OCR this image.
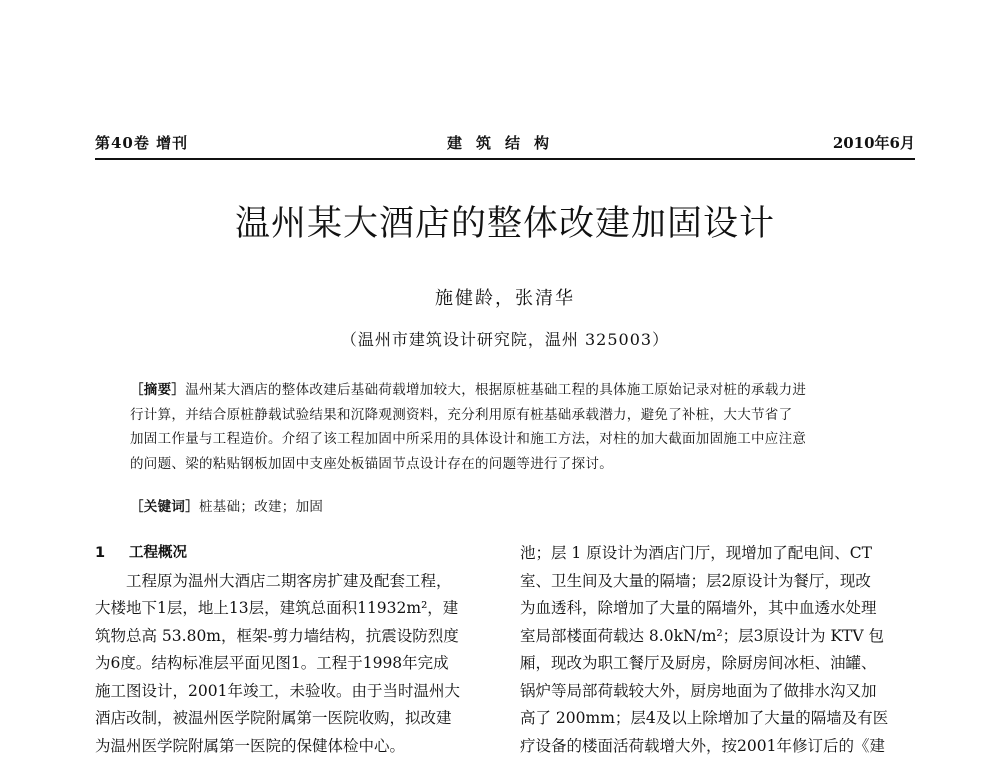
第40卷 增刊	建筑结构	2010年6月
温州某大酒店的整体改建加固设计
施健龄，张清华
（温州市建筑设计研究院，温州 325003）
［摘要］温州某大酒店的整体改建后基础荷载增加较大，根据原桩基础工程的具体施工原始记录对桩的承载力进
行计算，并结合原桩静载试验结果和沉降观测资料，充分利用原有桩基础承载潜力，避免了补桩，大大节省了
加固工作量与工程造价。介绍了该工程加固中所采用的具体设计和施工方法，对柱的加大截面加固施工中应注意
的问题、梁的粘贴钢板加固中支座处板锚固节点设计存在的问题等进行了探讨。
［关键词］桩基础；改建；加固
1 工程概况
工程原为温州大酒店二期客房扩建及配套工程，
大楼地下1层，地上13层，建筑总面积11932m²，建
筑物总高 53.80m，框架-剪力墙结构，抗震设防烈度
为6度。结构标准层平面见图1。工程于1998年完成
施工图设计，2001年竣工，未验收。由于当时温州大
酒店改制，被温州医学院附属第一医院收购，拟改建
为温州医学院附属第一医院的保健体检中心。
池；层 1 原设计为酒店门厅，现增加了配电间、CT
室、卫生间及大量的隔墙；层2原设计为餐厅，现改
为血透科，除增加了大量的隔墙外，其中血透水处理
室局部楼面荷载达 8.0kN/m²；层3原设计为 KTV 包
厢，现改为职工餐厅及厨房，除厨房间冰柜、油罐、
锅炉等局部荷载较大外，厨房地面为了做排水沟又加
高了 200mm；层4及以上除增加了大量的隔墙及有医
疗设备的楼面活荷载增大外，按2001年修订后的《建
